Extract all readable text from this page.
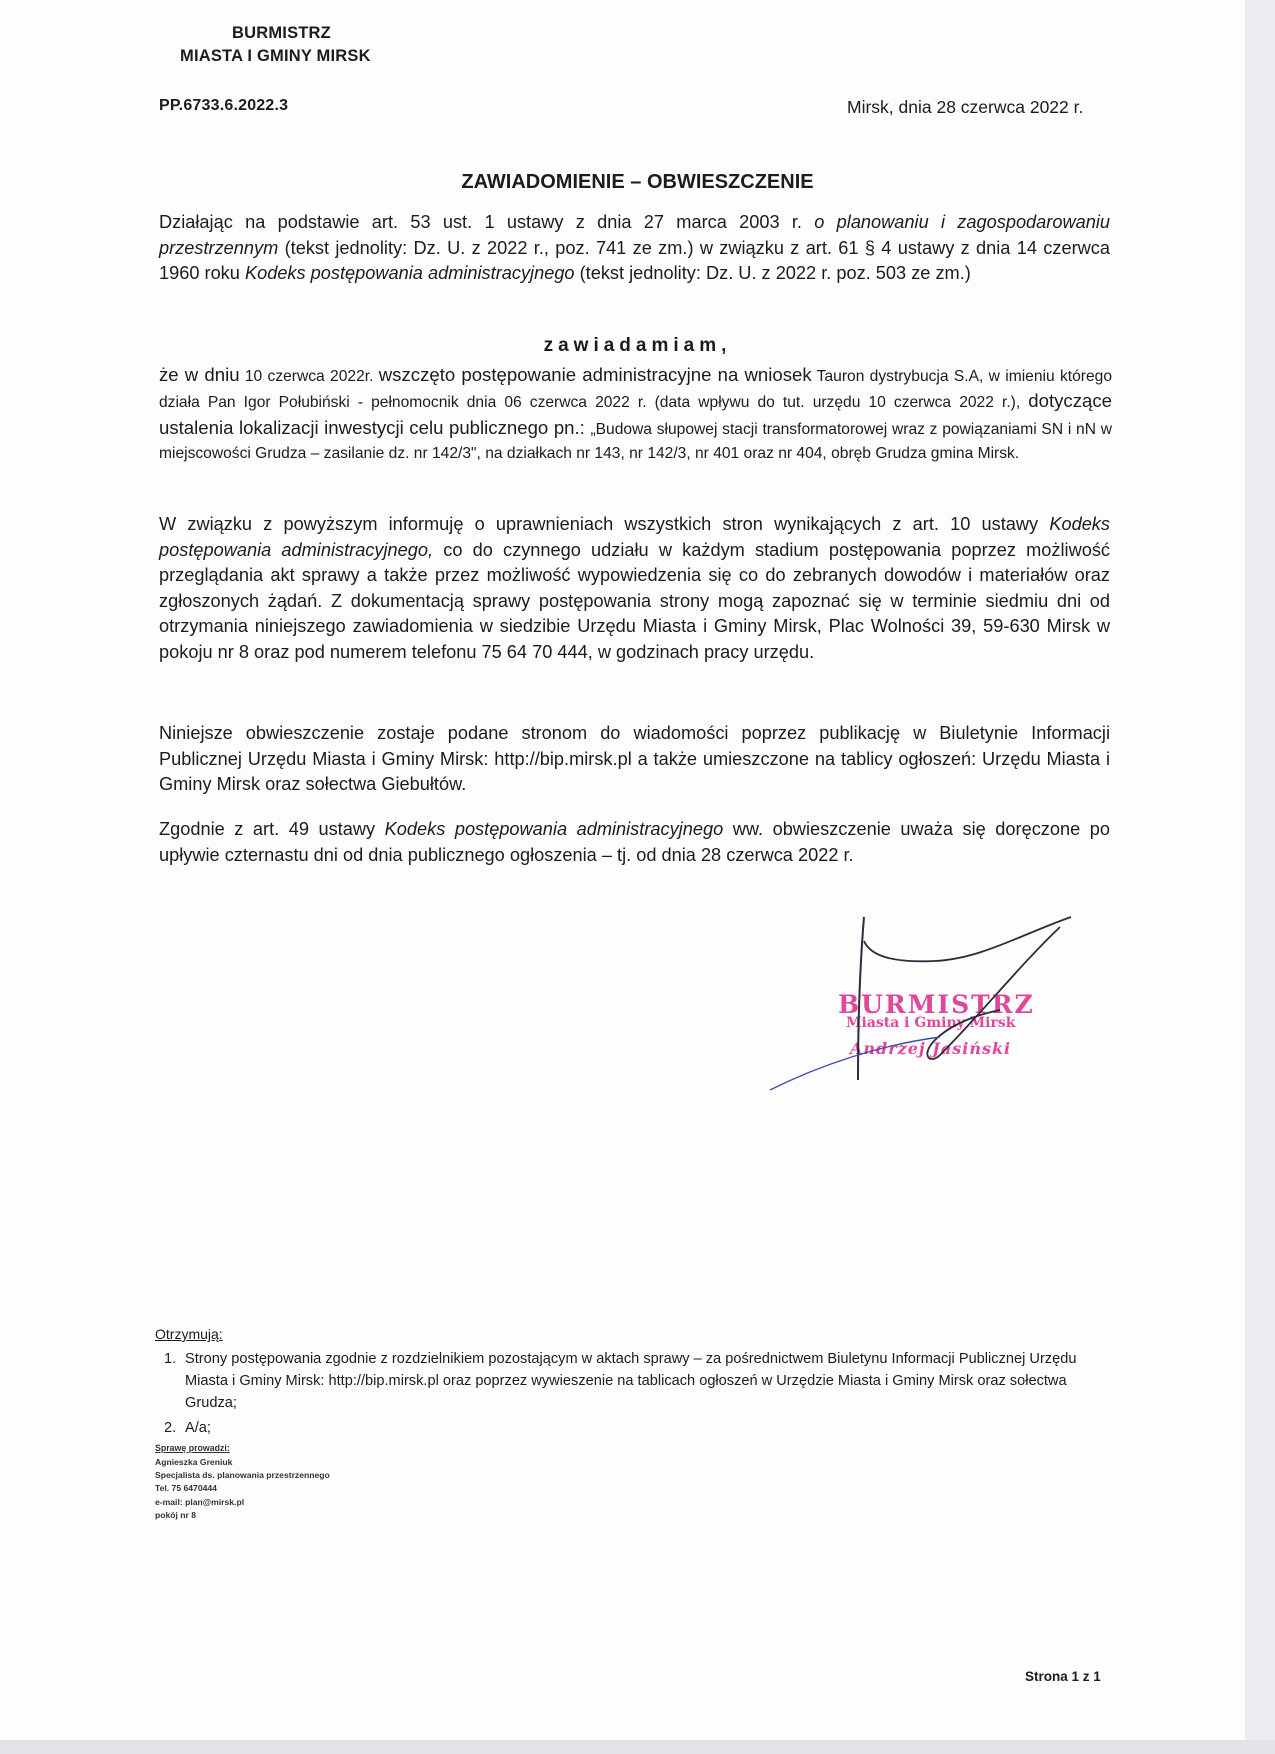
BURMISTRZ
MIASTA I GMINY MIRSK
PP.6733.6.2022.3	Mirsk, dnia 28 czerwca 2022 r.
ZAWIADOMIENIE – OBWIESZCZENIE
Działając na podstawie art. 53 ust. 1 ustawy z dnia 27 marca 2003 r. o planowaniu i zagospodarowaniu przestrzennym (tekst jednolity: Dz. U. z 2022 r., poz. 741 ze zm.) w związku z art. 61 § 4 ustawy z dnia 14 czerwca 1960 roku Kodeks postępowania administracyjnego (tekst jednolity: Dz. U. z 2022 r. poz. 503 ze zm.)
zawiadamiam,
że w dniu 10 czerwca 2022r. wszczęto postępowanie administracyjne na wniosek Tauron dystrybucja S.A, w imieniu którego działa Pan Igor Połubiński - pełnomocnik dnia 06 czerwca 2022 r. (data wpływu do tut. urzędu 10 czerwca 2022 r.), dotyczące ustalenia lokalizacji inwestycji celu publicznego pn.: „Budowa słupowej stacji transformatorowej wraz z powiązaniami SN i nN w miejscowości Grudza – zasilanie dz. nr 142/3", na działkach nr 143, nr 142/3, nr 401 oraz nr 404, obręb Grudza gmina Mirsk.
W związku z powyższym informuję o uprawnieniach wszystkich stron wynikających z art. 10 ustawy Kodeks postępowania administracyjnego, co do czynnego udziału w każdym stadium postępowania poprzez możliwość przeglądania akt sprawy a także przez możliwość wypowiedzenia się co do zebranych dowodów i materiałów oraz zgłoszonych żądań. Z dokumentacją sprawy postępowania strony mogą zapoznać się w terminie siedmiu dni od otrzymania niniejszego zawiadomienia w siedzibie Urzędu Miasta i Gminy Mirsk, Plac Wolności 39, 59-630 Mirsk w pokoju nr 8 oraz pod numerem telefonu 75 64 70 444, w godzinach pracy urzędu.
Niniejsze obwieszczenie zostaje podane stronom do wiadomości poprzez publikację w Biuletynie Informacji Publicznej Urzędu Miasta i Gminy Mirsk: http://bip.mirsk.pl a także umieszczone na tablicy ogłoszeń: Urzędu Miasta i Gminy Mirsk oraz sołectwa Giebułtów.
Zgodnie z art. 49 ustawy Kodeks postępowania administracyjnego ww. obwieszczenie uważa się doręczone po upływie czternastu dni od dnia publicznego ogłoszenia – tj. od dnia 28 czerwca 2022 r.
BURMISTRZ
Miasta i Gminy Mirsk
Andrzej Jasiński
Otrzymują:
1. Strony postępowania zgodnie z rozdzielnikiem pozostającym w aktach sprawy – za pośrednictwem Biuletynu Informacji Publicznej Urzędu Miasta i Gminy Mirsk: http://bip.mirsk.pl oraz poprzez wywieszenie na tablicach ogłoszeń w Urzędzie Miasta i Gminy Mirsk oraz sołectwa Grudza;
2. A/a;
Sprawę prowadzi:
Agnieszka Greniuk
Specjalista ds. planowania przestrzennego
Tel. 75 6470444
e-mail: plan@mirsk.pl
pokój nr 8
Strona 1 z 1
